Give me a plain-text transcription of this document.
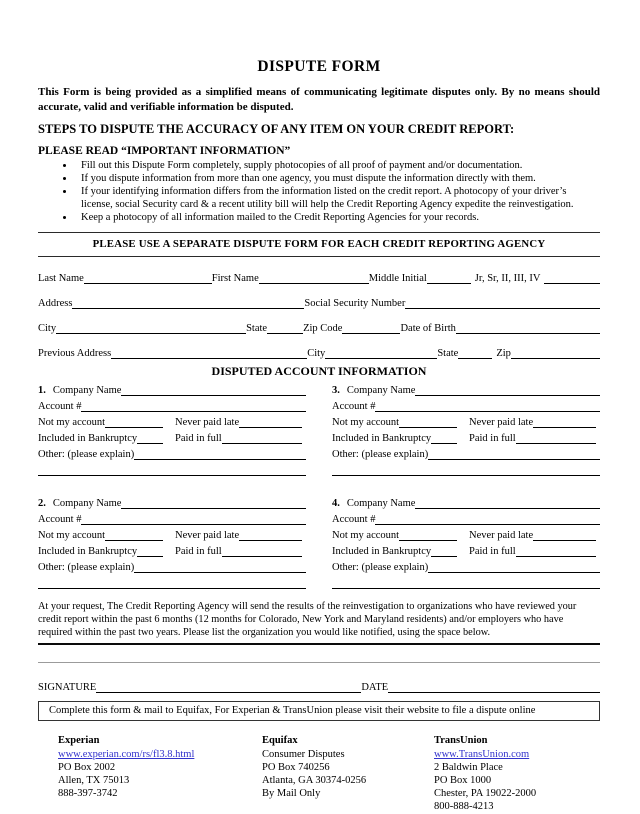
DISPUTE FORM
This Form is being provided as a simplified means of communicating legitimate disputes only. By no means should accurate, valid and verifiable information be disputed.
STEPS TO DISPUTE THE ACCURACY OF ANY ITEM ON YOUR CREDIT REPORT:
PLEASE READ “IMPORTANT INFORMATION”
• Fill out this Dispute Form completely, supply photocopies of all proof of payment and/or documentation.
• If you dispute information from more than one agency, you must dispute the information directly with them.
• If your identifying information differs from the information listed on the credit report. A photocopy of your driver’s license, social Security card & a recent utility bill will help the Credit Reporting Agency expedite the reinvestigation.
• Keep a photocopy of all information mailed to the Credit Reporting Agencies for your records.
PLEASE USE A SEPARATE DISPUTE FORM FOR EACH CREDIT REPORTING AGENCY
Last Name	First Name	Middle Initial	Jr, Sr, II, III, IV
Address	Social Security Number
City	State	Zip Code	Date of Birth
Previous Address	City	State	Zip
DISPUTED ACCOUNT INFORMATION
1. Company Name
Account #
Not my account	Never paid late
Included in Bankruptcy	Paid in full
Other: (please explain)
3. Company Name
Account #
Not my account	Never paid late
Included in Bankruptcy	Paid in full
Other: (please explain)
2. Company Name
Account #
Not my account	Never paid late
Included in Bankruptcy	Paid in full
Other: (please explain)
4. Company Name
Account #
Not my account	Never paid late
Included in Bankruptcy	Paid in full
Other: (please explain)
At your request, The Credit Reporting Agency will send the results of the reinvestigation to organizations who have reviewed your credit report within the past 6 months (12 months for Colorado, New York and Maryland residents) and/or employers who have required within the past two years. Please list the organization you would like notified, using the space below.
SIGNATURE	DATE
Complete this form & mail to Equifax, For Experian & TransUnion please visit their website to file a dispute online
Experian
www.experian.com/rs/fl3.8.html
PO Box 2002
Allen, TX 75013
888-397-3742
Equifax
Consumer Disputes
PO Box 740256
Atlanta, GA 30374-0256
By Mail Only
TransUnion
www.TransUnion.com
2 Baldwin Place
PO Box 1000
Chester, PA 19022-2000
800-888-4213
